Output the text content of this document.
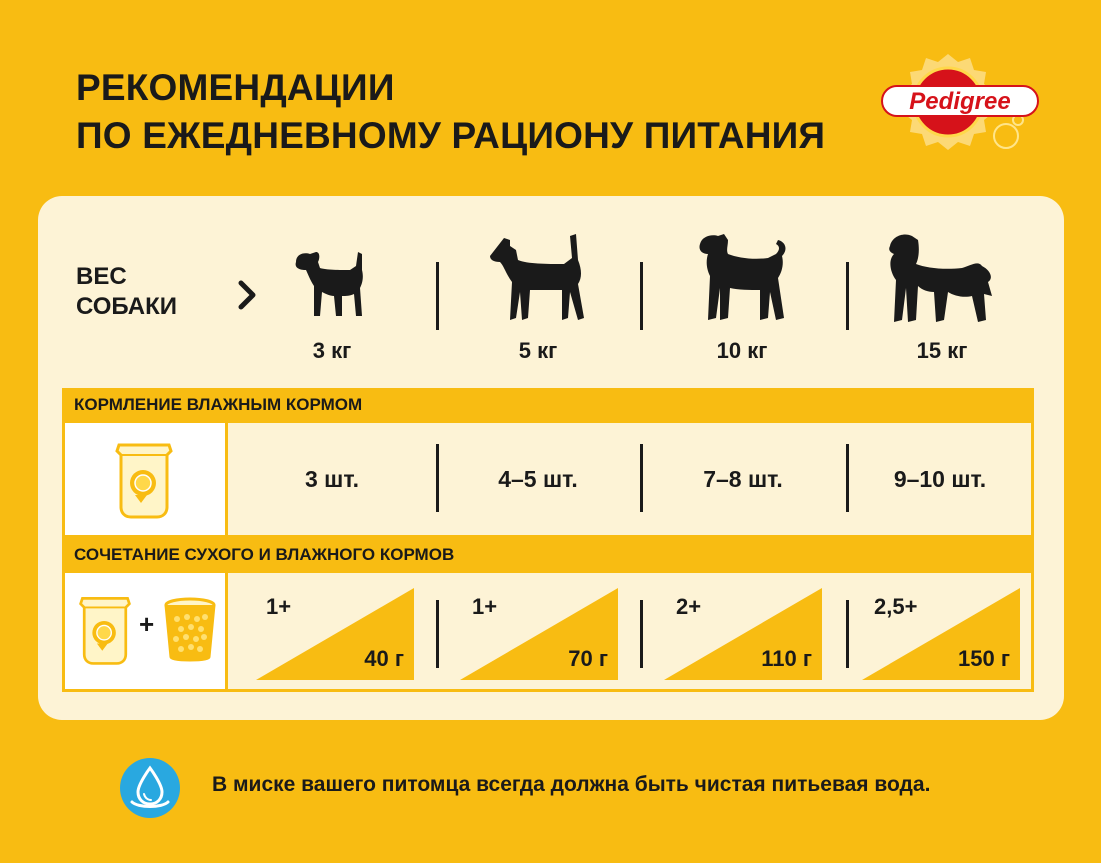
РЕКОМЕНДАЦИИ
ПО ЕЖЕДНЕВНОМУ РАЦИОНУ ПИТАНИЯ
Pedigree
ВЕС
СОБАКИ
3 кг	5 кг	10 кг	15 кг
КОРМЛЕНИЕ ВЛАЖНЫМ КОРМОМ
3 шт.	4–5 шт.	7–8 шт.	9–10 шт.
СОЧЕТАНИЕ СУХОГО И ВЛАЖНОГО КОРМОВ
+
1+	1+	2+	2,5+
40 г	70 г	110 г	150 г
В миске вашего питомца всегда должна быть чистая питьевая вода.
